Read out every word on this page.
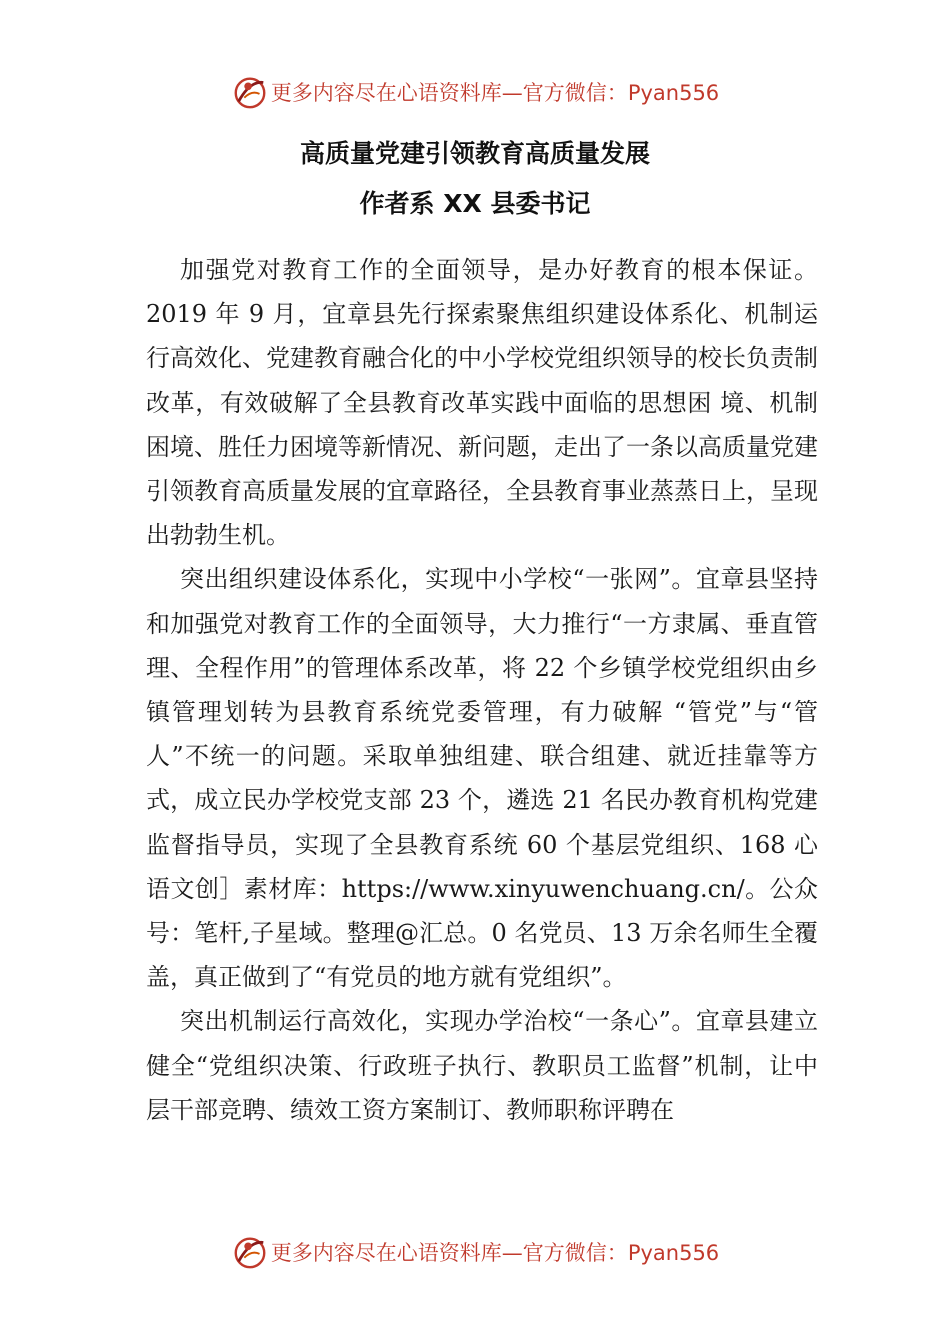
更多内容尽在心语资料库—官方微信：Pyan556
高质量党建引领教育高质量发展
作者系 XX 县委书记

加强党对教育工作的全面领导，是办好教育的根本保证。2019 年 9 月，宜章县先行探索聚焦组织建设体系化、机制运行高效化、党建教育融合化的中小学校党组织领导的校长负责制改革，有效破解了全县教育改革实践中面临的思想困 境、机制困境、胜任力困境等新情况、新问题，走出了一条以高质量党建引领教育高质量发展的宜章路径，全县教育事业蒸蒸日上，呈现出勃勃生机。

突出组织建设体系化，实现中小学校“一张网”。宜章县坚持和加强党对教育工作的全面领导，大力推行“一方隶属、垂直管理、全程作用”的管理体系改革，将 22 个乡镇学校党组织由乡镇管理划转为县教育系统党委管理，有力破解 “管党”与“管人”不统一的问题。采取单独组建、联合组建、就近挂靠等方式，成立民办学校党支部 23 个，遴选 21 名民办教育机构党建监督指导员，实现了全县教育系统 60 个基层党组织、168 心语文创］素材库：https://www.xinyuwenchuang.cn/。公众号：笔杆,子星域。整理@汇总。0 名党员、13 万余名师生全覆盖，真正做到了“有党员的地方就有党组织”。

突出机制运行高效化，实现办学治校“一条心”。宜章县建立健全“党组织决策、行政班子执行、教职员工监督”机制，让中层干部竞聘、绩效工资方案制订、教师职称评聘在

更多内容尽在心语资料库—官方微信：Pyan556
